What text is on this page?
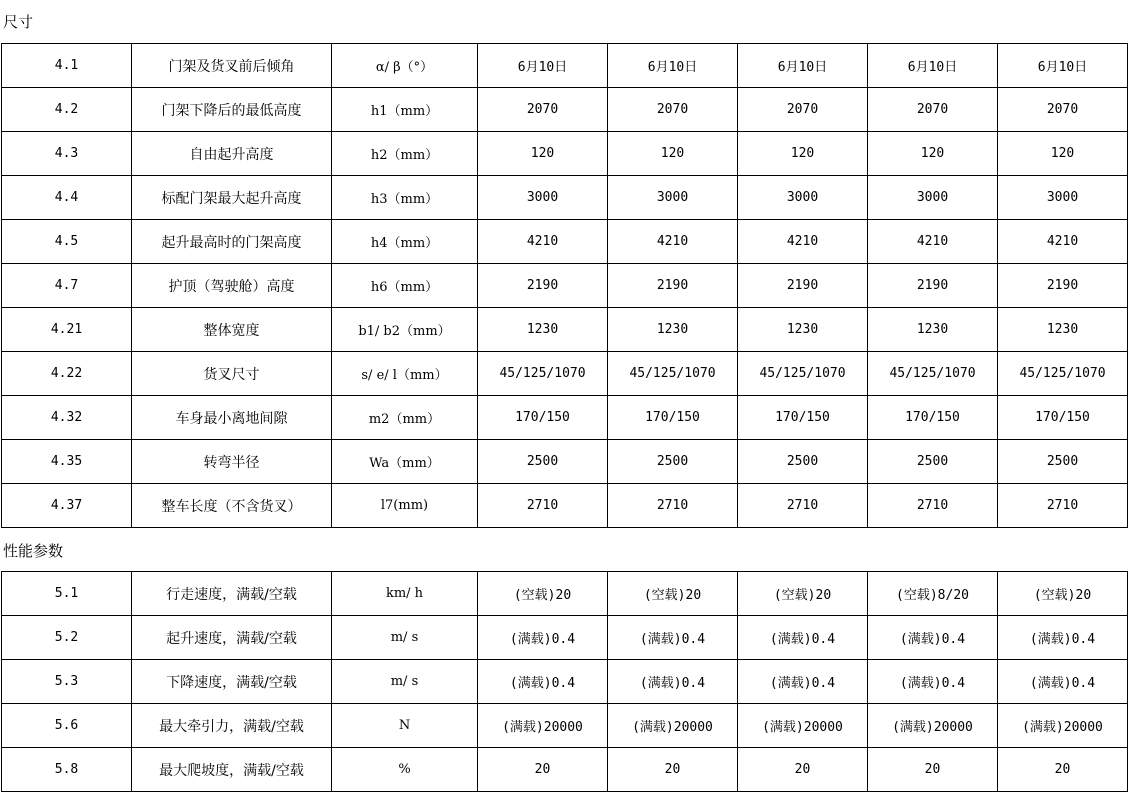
尺寸
4.1	门架及货叉前后倾角	α/ β（°）	6月10日	6月10日	6月10日	6月10日	6月10日
4.2	门架下降后的最低高度	h1（mm）	2070	2070	2070	2070	2070
4.3	自由起升高度	h2（mm）	120	120	120	120	120
4.4	标配门架最大起升高度	h3（mm）	3000	3000	3000	3000	3000
4.5	起升最高时的门架高度	h4（mm）	4210	4210	4210	4210	4210
4.7	护顶（驾驶舱）高度	h6（mm）	2190	2190	2190	2190	2190
4.21	整体宽度	b1/ b2（mm）	1230	1230	1230	1230	1230
4.22	货叉尺寸	s/ e/ l（mm）	45/125/1070	45/125/1070	45/125/1070	45/125/1070	45/125/1070
4.32	车身最小离地间隙	m2（mm）	170/150	170/150	170/150	170/150	170/150
4.35	转弯半径	Wa（mm）	2500	2500	2500	2500	2500
4.37	整车长度（不含货叉）	l7(mm)	2710	2710	2710	2710	2710
性能参数
5.1	行走速度，满载/空载	km/ h	(空载)20	(空载)20	(空载)20	(空载)8/20	(空载)20
5.2	起升速度，满载/空载	m/ s	(满载)0.4	(满载)0.4	(满载)0.4	(满载)0.4	(满载)0.4
5.3	下降速度，满载/空载	m/ s	(满载)0.4	(满载)0.4	(满载)0.4	(满载)0.4	(满载)0.4
5.6	最大牵引力，满载/空载	N	(满载)20000	(满载)20000	(满载)20000	(满载)20000	(满载)20000
5.8	最大爬坡度，满载/空载	%	20	20	20	20	20
